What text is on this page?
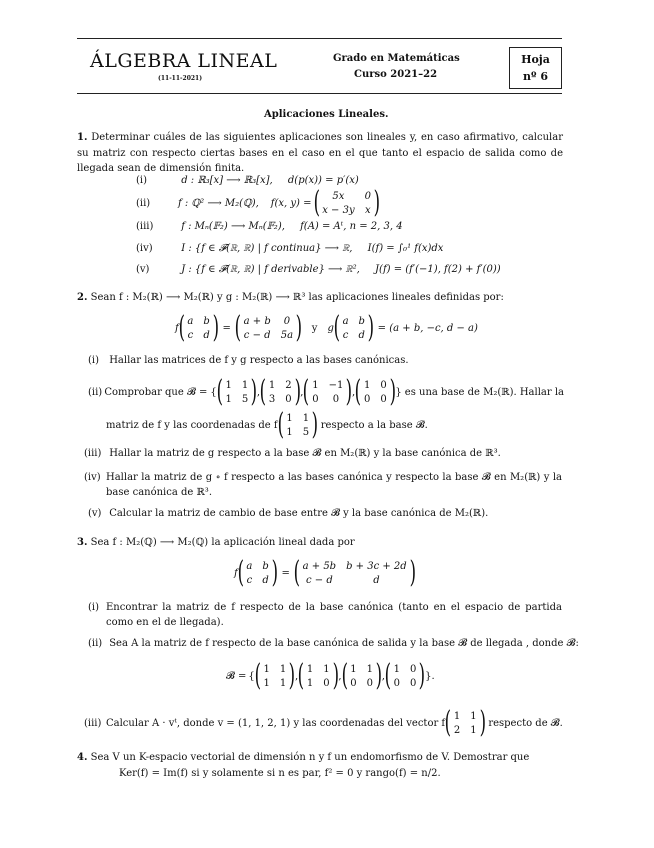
ÁLGEBRA LINEAL
(11-11-2021)
Grado en Matemáticas
Curso 2021–22
Hoja
nº 6
Aplicaciones Lineales.
1. Determinar cuáles de las siguientes aplicaciones son lineales y, en caso afirmativo, calcular su matriz con respecto ciertas bases en el caso en el que tanto el espacio de salida como de llegada sean de dimensión finita.
(i)	d : ℝ₃[x] ⟶ ℝ₃[x], d(p(x)) = p′(x)
(ii)	f : ℚ² ⟶ M₂(ℚ), f(x, y) = (	5x	0
x − 3y x )
(iii)	f : Mₙ(𝔽₂) ⟶ Mₙ(𝔽₂), f(A) = Aᵗ, n = 2, 3, 4
(iv)	I : {f ∈ 𝓕(ℝ, ℝ) | f continua} ⟶ ℝ, I(f) = ∫₀¹ f(x)dx
(v)	J : {f ∈ 𝓕(ℝ, ℝ) | f derivable} ⟶ ℝ², J(f) = (f′(−1), f(2) + f′(0))
2. Sean f : M₂(ℝ) ⟶ M₂(ℝ) y g : M₂(ℝ) ⟶ ℝ³ las aplicaciones lineales definidas por:
f ( a b
c d ) = ( a + b 0
c − d 5a ) y g ( a b
c d ) = (a + b, −c, d − a)
(i) Hallar las matrices de f y g respecto a las bases canónicas.
(ii) Comprobar que 𝓑 = { ( 1 1
1 5 ) , ( 1 2
3 0 ) , ( 1 −1
0	0 ) , ( 1 0
0 0 ) } es una base de M₂(ℝ). Hallar la
matriz de f y las coordenadas de f ( 1 1
1 5 ) respecto a la base 𝓑.
(iii) Hallar la matriz de g respecto a la base 𝓑 en M₂(ℝ) y la base canónica de ℝ³.
(iv) Hallar la matriz de g ∘ f respecto a las bases canónica y respecto la base 𝓑 en M₂(ℝ) y la base canónica de ℝ³.
(v) Calcular la matriz de cambio de base entre 𝓑 y la base canónica de M₂(ℝ).
3. Sea f : M₂(ℚ) ⟶ M₂(ℚ) la aplicación lineal dada por
f ( a b
c d ) = ( a + 5b b + 3c + 2d
c − d	d )
(i) Encontrar la matriz de f respecto de la base canónica (tanto en el espacio de partida como en el de llegada).
(ii) Sea A la matriz de f respecto de la base canónica de salida y la base 𝓑 de llegada , donde 𝓑:
𝓑 = { ( 1 1
1 1 ) , ( 1 1
1 0 ) , ( 1 1
0 0 ) , ( 1 0
0 0 ) } .
(iii) Calcular A · vᵗ, donde v = (1, 1, 2, 1) y las coordenadas del vector f ( 1 1
2 1 ) respecto de 𝓑.
4. Sea V un K-espacio vectorial de dimensión n y f un endomorfismo de V. Demostrar que
Ker(f) = Im(f) si y solamente si n es par, f² = 0 y rango(f) = n/2.
